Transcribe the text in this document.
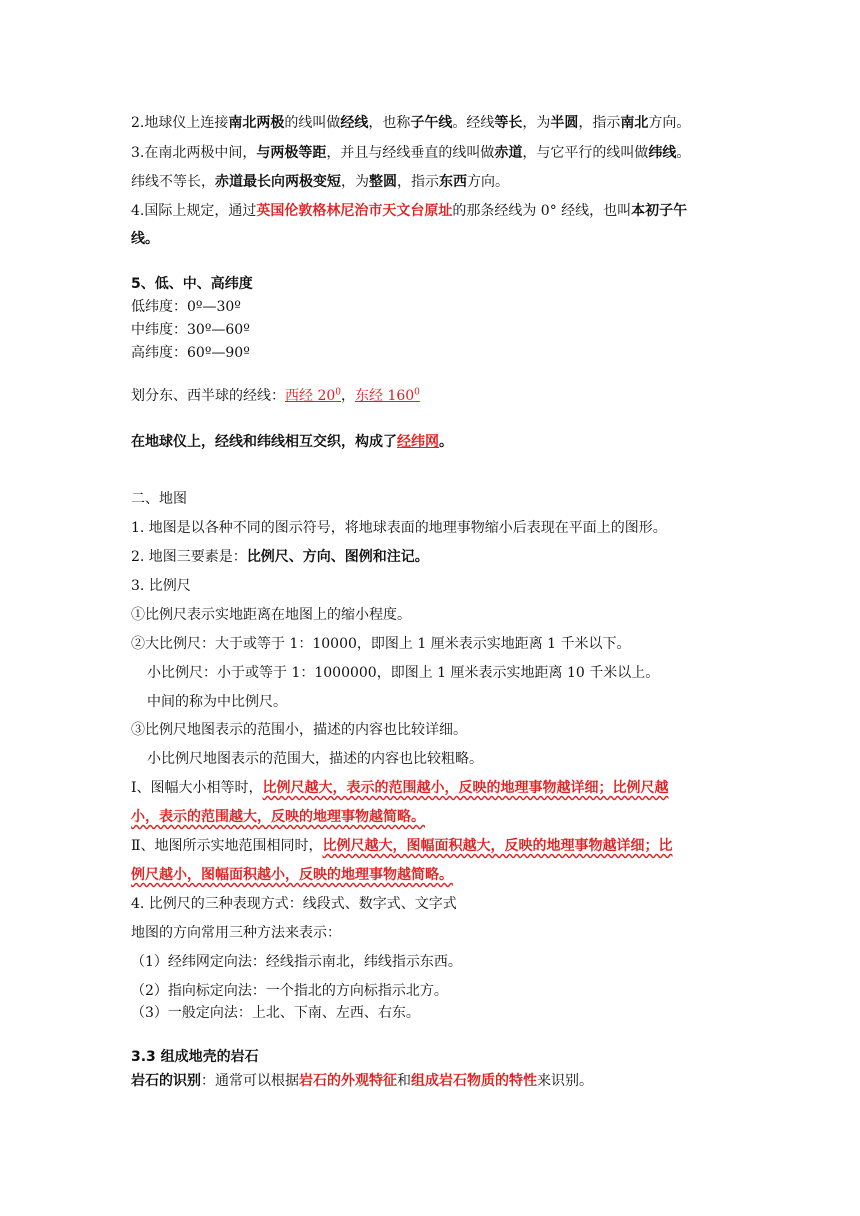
2.地球仪上连接南北两极的线叫做经线，也称子午线。经线等长，为半圆，指示南北方向。
3.在南北两极中间，与两极等距，并且与经线垂直的线叫做赤道，与它平行的线叫做纬线。
纬线不等长，赤道最长向两极变短，为整圆，指示东西方向。
4.国际上规定，通过英国伦敦格林尼治市天文台原址的那条经线为 0° 经线，也叫本初子午
线。
5、低、中、高纬度
低纬度：0º—30º
中纬度：30º—60º
高纬度：60º—90º
划分东、西半球的经线：西经 $20^0$，东经 $160^0$
在地球仪上，经线和纬线相互交织，构成了经纬网。
二、地图
1. 地图是以各种不同的图示符号，将地球表面的地理事物缩小后表现在平面上的图形。
2. 地图三要素是：比例尺、方向、图例和注记。
3. 比例尺
①比例尺表示实地距离在地图上的缩小程度。
②大比例尺：大于或等于 1：10000，即图上 1 厘米表示实地距离 1 千米以下。
小比例尺：小于或等于 1：1000000，即图上 1 厘米表示实地距离 10 千米以上。
中间的称为中比例尺。
③比例尺地图表示的范围小，描述的内容也比较详细。
小比例尺地图表示的范围大，描述的内容也比较粗略。
Ⅰ、图幅大小相等时，比例尺越大，表示的范围越小，反映的地理事物越详细；比例尺越
小，表示的范围越大，反映的地理事物越简略。
Ⅱ、地图所示实地范围相同时，比例尺越大，图幅面积越大，反映的地理事物越详细；比
例尺越小，图幅面积越小，反映的地理事物越简略。
4. 比例尺的三种表现方式：线段式、数字式、文字式
地图的方向常用三种方法来表示：
（1）经纬网定向法：经线指示南北，纬线指示东西。
（2）指向标定向法：一个指北的方向标指示北方。
（3）一般定向法：上北、下南、左西、右东。
3.3 组成地壳的岩石
岩石的识别：通常可以根据岩石的外观特征和组成岩石物质的特性来识别。
